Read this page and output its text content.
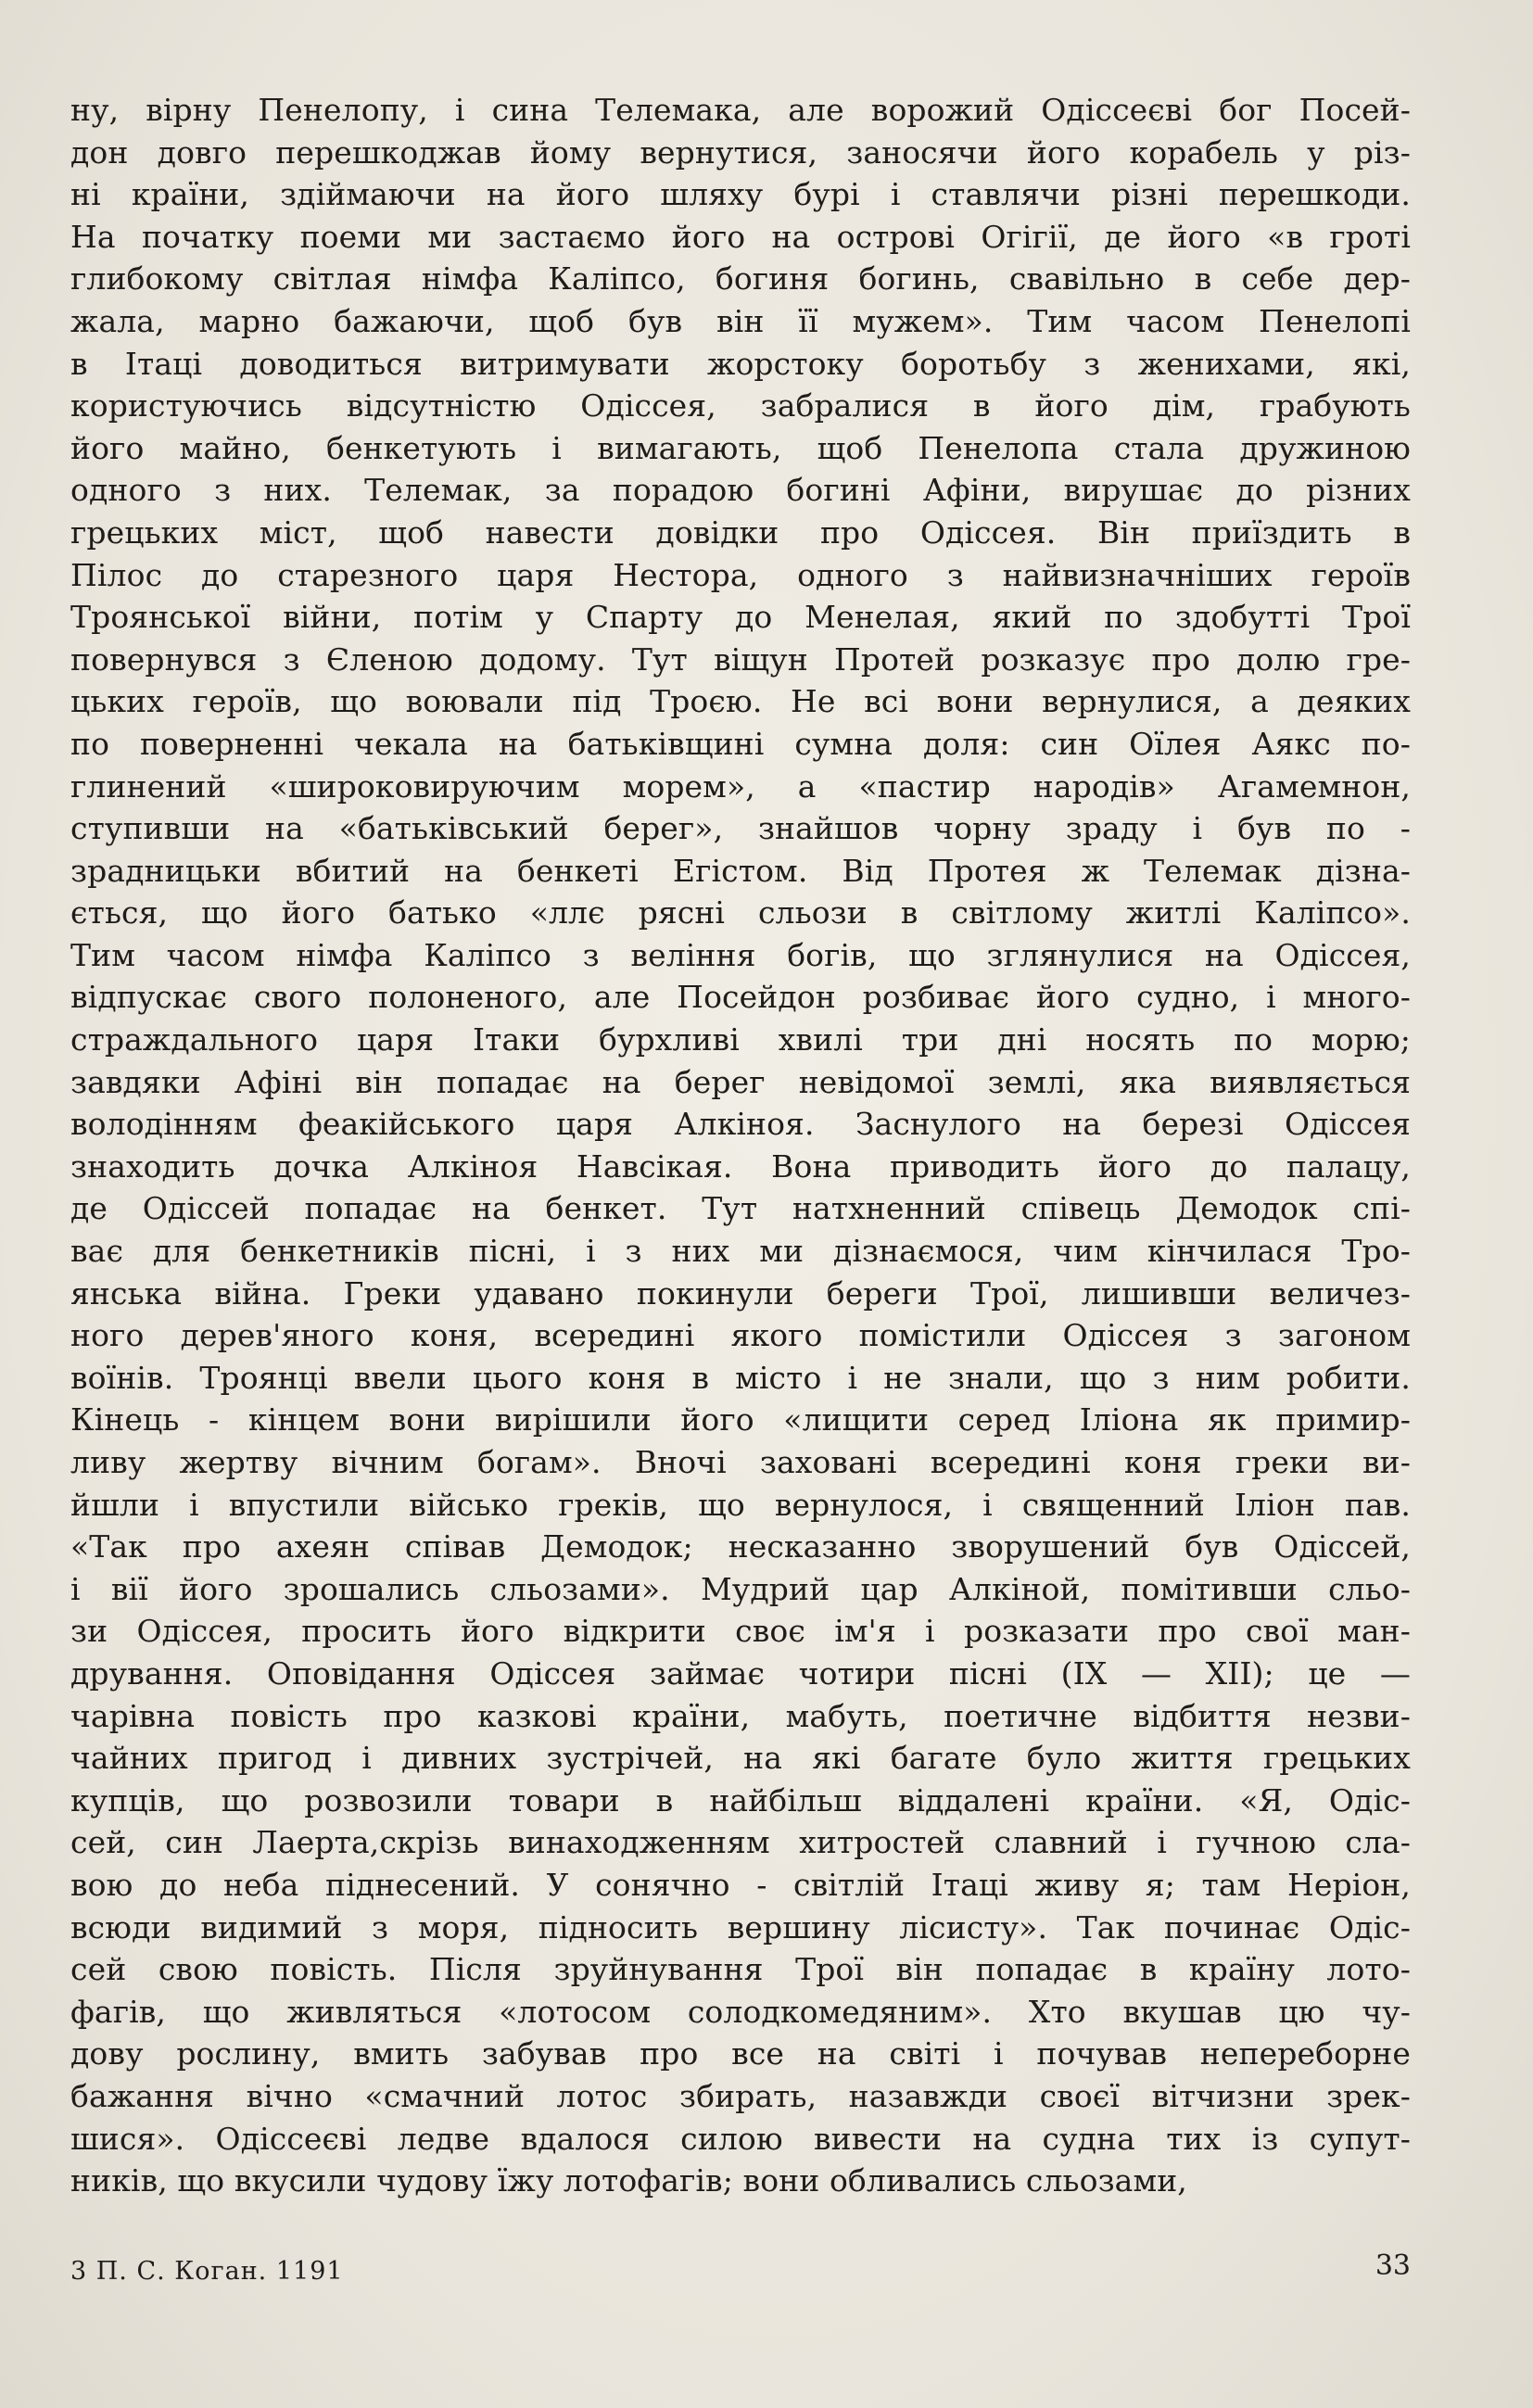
ну, вірну Пенелопу, і сина Телемака, але ворожий Одіссеєві бог Посей-
дон довго перешкоджав йому вернутися, заносячи його корабель у різ-
ні країни, здіймаючи на його шляху бурі і ставлячи різні перешкоди.
На початку поеми ми застаємо його на острові Огігії, де його «в гроті
глибокому світлая німфа Каліпсо, богиня богинь, свавільно в себе дер-
жала, марно бажаючи, щоб був він її мужем». Тим часом Пенелопі
в Ітаці доводиться витримувати жорстоку боротьбу з женихами, які,
користуючись відсутністю Одіссея, забралися в його дім, грабують
його майно, бенкетують і вимагають, щоб Пенелопа стала дружиною
одного з них. Телемак, за порадою богині Афіни, вирушає до різних
грецьких міст, щоб навести довідки про Одіссея. Він приїздить в
Пілос до старезного царя Нестора, одного з найвизначніших героїв
Троянської війни, потім у Спарту до Менелая, який по здобутті Трої
повернувся з Єленою додому. Тут віщун Протей розказує про долю гре-
цьких героїв, що воювали під Троєю. Не всі вони вернулися, а деяких
по поверненні чекала на батьківщині сумна доля: син Оїлея Аякс по-
глинений «широковируючим морем», а «пастир народів» Агамемнон,
ступивши на «батьківський берег», знайшов чорну зраду і був по -
зрадницьки вбитий на бенкеті Егістом. Від Протея ж Телемак дізна-
ється, що його батько «ллє рясні сльози в світлому житлі Каліпсо».
Тим часом німфа Каліпсо з веління богів, що зглянулися на Одіссея,
відпускає свого полоненого, але Посейдон розбиває його судно, і много-
страждального царя Ітаки бурхливі хвилі три дні носять по морю;
завдяки Афіні він попадає на берег невідомої землі, яка виявляється
володінням феакійського царя Алкіноя. Заснулого на березі Одіссея
знаходить дочка Алкіноя Навсікая. Вона приводить його до палацу,
де Одіссей попадає на бенкет. Тут натхненний співець Демодок спі-
ває для бенкетників пісні, і з них ми дізнаємося, чим кінчилася Тро-
янська війна. Греки удавано покинули береги Трої, лишивши величез-
ного дерев'яного коня, всередині якого помістили Одіссея з загоном
воїнів. Троянці ввели цього коня в місто і не знали, що з ним робити.
Кінець - кінцем вони вирішили його «лищити серед Іліона як примир-
ливу жертву вічним богам». Вночі заховані всередині коня греки ви-
йшли і впустили військо греків, що вернулося, і священний Іліон пав.
«Так про ахеян співав Демодок; несказанно зворушений був Одіссей,
і вії його зрошались сльозами». Мудрий цар Алкіной, помітивши сльо-
зи Одіссея, просить його відкрити своє ім'я і розказати про свої ман-
дрування. Оповідання Одіссея займає чотири пісні (IX — XII); це —
чарівна повість про казкові країни, мабуть, поетичне відбиття незви-
чайних пригод і дивних зустрічей, на які багате було життя грецьких
купців, що розвозили товари в найбільш віддалені країни. «Я, Одіс-
сей, син Лаерта,скрізь винаходженням хитростей славний і гучною сла-
вою до неба піднесений. У сонячно - світлій Ітаці живу я; там Неріон,
всюди видимий з моря, підносить вершину лісисту». Так починає Одіс-
сей свою повість. Після зруйнування Трої він попадає в країну лото-
фагів, що живляться «лотосом солодкомедяним». Хто вкушав цю чу-
дову рослину, вмить забував про все на світі і почував непереборне
бажання вічно «смачний лотос збирать, назавжди своєї вітчизни зрек-
шися». Одіссеєві ледве вдалося силою вивести на судна тих із супут-
ників, що вкусили чудову їжу лотофагів; вони обливались сльозами,
3 П. С. Коган. 1191	33
